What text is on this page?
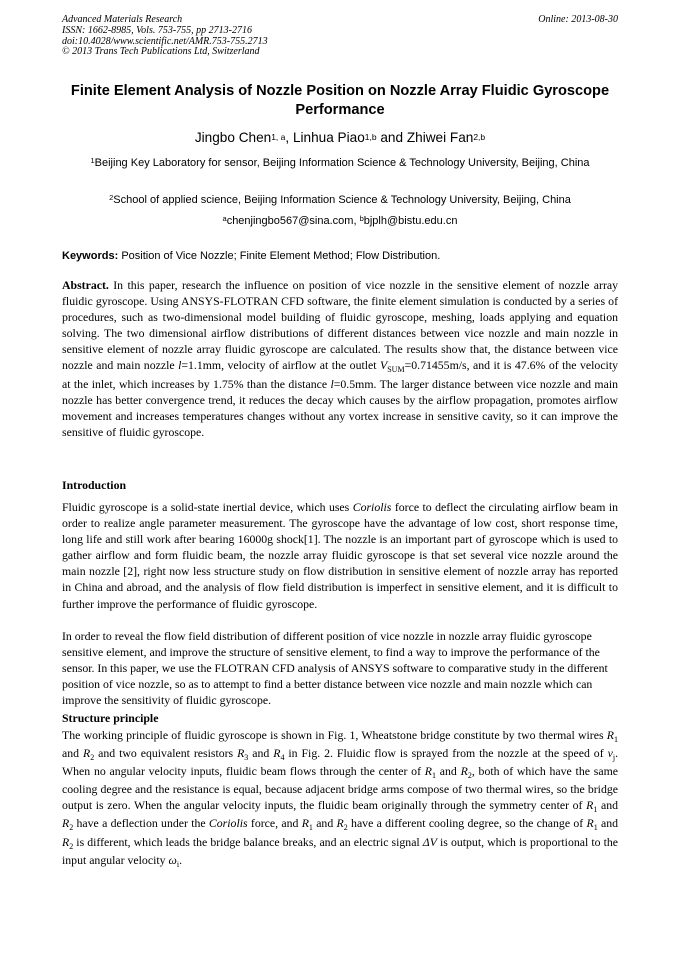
Advanced Materials Research
ISSN: 1662-8985, Vols. 753-755, pp 2713-2716
doi:10.4028/www.scientific.net/AMR.753-755.2713
© 2013 Trans Tech Publications Ltd, Switzerland
Online: 2013-08-30
Finite Element Analysis of Nozzle Position on Nozzle Array Fluidic Gyroscope Performance
Jingbo Chen$^{1, a}$, Linhua Piao$^{1,b}$ and Zhiwei Fan$^{2,b}$
$^1$Beijing Key Laboratory for sensor, Beijing Information Science & Technology University, Beijing, China
$^2$School of applied science, Beijing Information Science & Technology University, Beijing, China
$^a$chenjingbo567@sina.com, $^b$bjplh@bistu.edu.cn
Keywords: Position of Vice Nozzle; Finite Element Method; Flow Distribution.
Abstract. In this paper, research the influence on position of vice nozzle in the sensitive element of nozzle array fluidic gyroscope. Using ANSYS-FLOTRAN CFD software, the finite element simulation is conducted by a series of procedures, such as two-dimensional model building of fluidic gyroscope, meshing, loads applying and equation solving. The two dimensional airflow distributions of different distances between vice nozzle and main nozzle in sensitive element of nozzle array fluidic gyroscope are calculated. The results show that, the distance between vice nozzle and main nozzle l=1.1mm, velocity of airflow at the outlet $V_{SUM}=0.71455m/s$, and it is 47.6% of the velocity at the inlet, which increases by 1.75% than the distance l=0.5mm. The larger distance between vice nozzle and main nozzle has better convergence trend, it reduces the decay which causes by the airflow propagation, promotes airflow movement and increases temperatures changes without any vortex increase in sensitive cavity, so it can improve the sensitive of fluidic gyroscope.
Introduction
Fluidic gyroscope is a solid-state inertial device, which uses Coriolis force to deflect the circulating airflow beam in order to realize angle parameter measurement. The gyroscope have the advantage of low cost, short response time, long life and still work after bearing 16000g shock[1]. The nozzle is an important part of gyroscope which is used to gather airflow and form fluidic beam, the nozzle array fluidic gyroscope is that set several vice nozzle around the main nozzle [2], right now less structure study on flow distribution in sensitive element of nozzle array has reported in China and abroad, and the analysis of flow field distribution is imperfect in sensitive element, and it is difficult to further improve the performance of fluidic gyroscope.
In order to reveal the flow field distribution of different position of vice nozzle in nozzle array fluidic gyroscope sensitive element, and improve the structure of sensitive element, to find a way to improve the performance of the sensor. In this paper, we use the FLOTRAN CFD analysis of ANSYS software to comparative study in the different position of vice nozzle, so as to attempt to find a better distance between vice nozzle and main nozzle which can improve the sensitivity of fluidic gyroscope.
Structure principle
The working principle of fluidic gyroscope is shown in Fig. 1, Wheatstone bridge constitute by two thermal wires $R_1$ and $R_2$ and two equivalent resistors $R_3$ and $R_4$ in Fig. 2. Fluidic flow is sprayed from the nozzle at the speed of $v_j$. When no angular velocity inputs, fluidic beam flows through the center of $R_1$ and $R_2$, both of which have the same cooling degree and the resistance is equal, because adjacent bridge arms compose of two thermal wires, so the bridge output is zero. When the angular velocity inputs, the fluidic beam originally through the symmetry center of $R_1$ and $R_2$ have a deflection under the Coriolis force, and $R_1$ and $R_2$ have a different cooling degree, so the change of $R_1$ and $R_2$ is different, which leads the bridge balance breaks, and an electric signal ΔV is output, which is proportional to the input angular velocity $\omega_i$.
